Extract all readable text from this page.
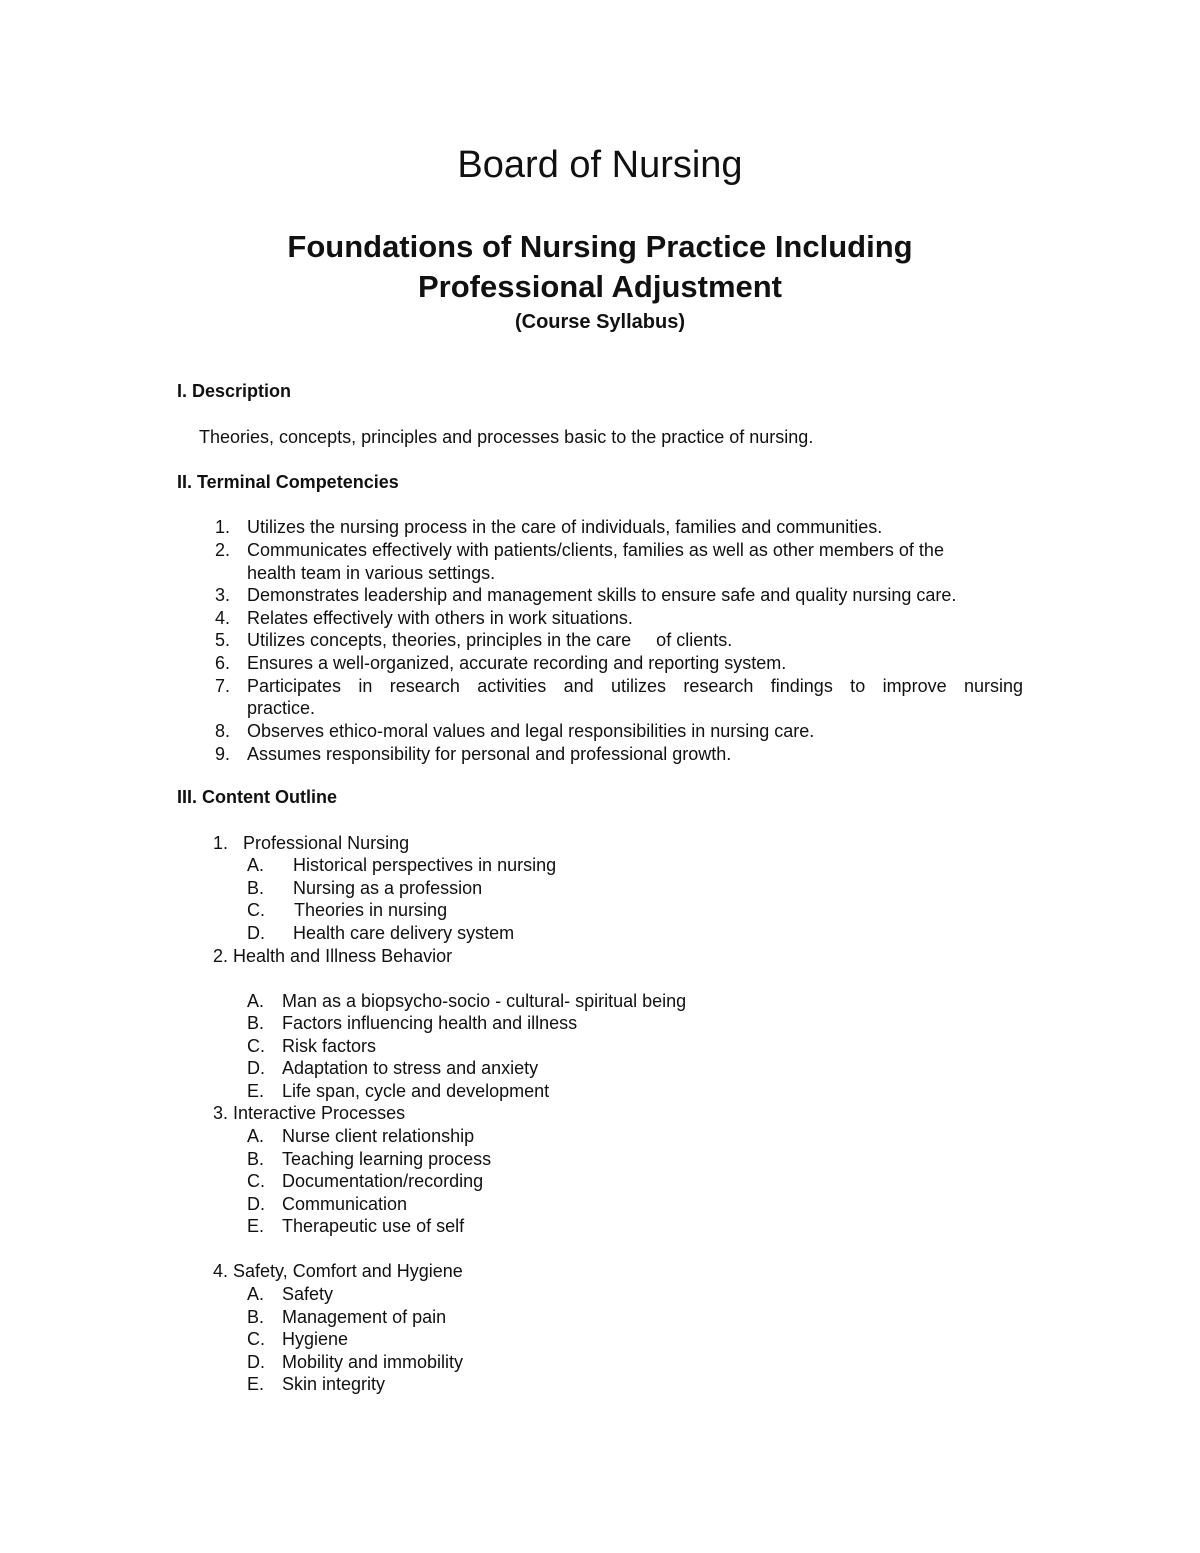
Board of Nursing
Foundations of Nursing Practice Including
Professional Adjustment
(Course Syllabus)
I. Description
Theories, concepts, principles and processes basic to the practice of nursing.
II. Terminal Competencies
1. Utilizes the nursing process in the care of individuals, families and communities.
2. Communicates effectively with patients/clients, families as well as other members of the
health team in various settings.
3. Demonstrates leadership and management skills to ensure safe and quality nursing care.
4. Relates effectively with others in work situations.
5. Utilizes concepts, theories, principles in the care     of clients.
6. Ensures a well-organized, accurate recording and reporting system.
7. Participates in research activities and utilizes research findings to improve nursing
practice.
8. Observes ethico-moral values and legal responsibilities in nursing care.
9. Assumes responsibility for personal and professional growth.
III. Content Outline
1.   Professional Nursing
A. Historical perspectives in nursing
B. Nursing as a profession
C. Theories in nursing
D. Health care delivery system
2. Health and Illness Behavior
A. Man as a biopsycho-socio - cultural- spiritual being
B. Factors influencing health and illness
C. Risk factors
D. Adaptation to stress and anxiety
E. Life span, cycle and development
3. Interactive Processes
A. Nurse client relationship
B. Teaching learning process
C. Documentation/recording
D. Communication
E. Therapeutic use of self
4. Safety, Comfort and Hygiene
A. Safety
B. Management of pain
C. Hygiene
D. Mobility and immobility
E. Skin integrity
